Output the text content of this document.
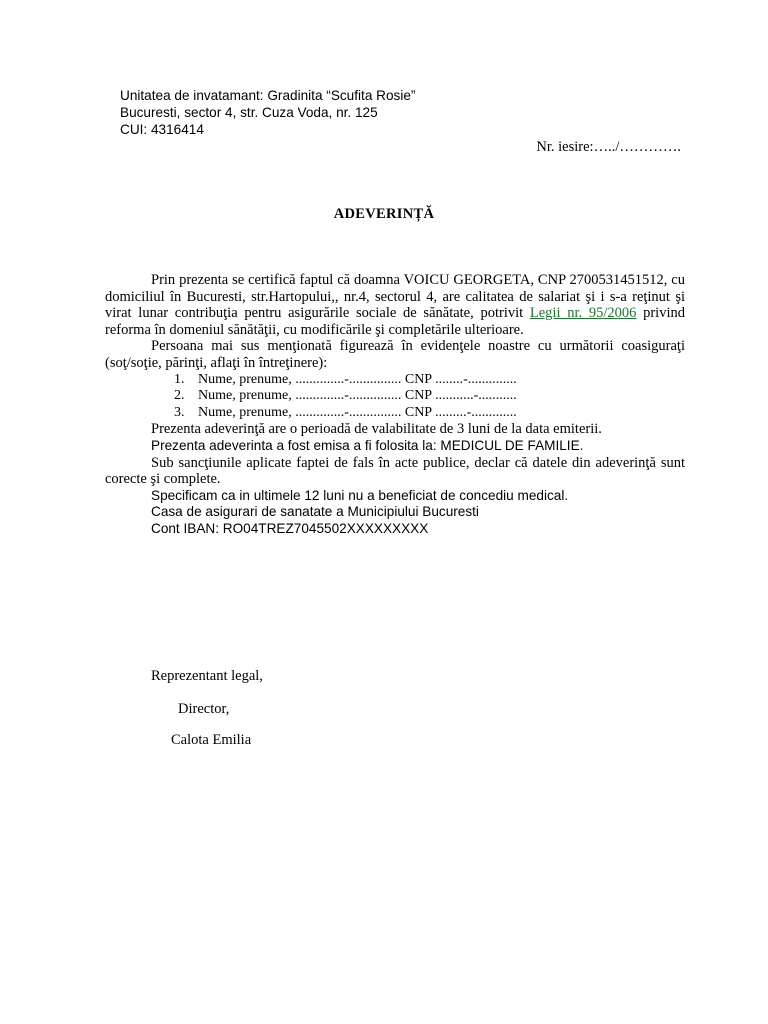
Unitatea de invatamant: Gradinita “Scufita Rosie”
Bucuresti, sector 4, str. Cuza Voda, nr. 125
CUI: 4316414
Nr. iesire:…../………….
ADEVERINȚĂ

Prin prezenta se certifică faptul că doamna VOICU GEORGETA, CNP 2700531451512, cu domiciliul în Bucuresti, str.Hartopului,, nr.4, sectorul 4, are calitatea de salariat şi i s-a reţinut şi virat lunar contribuţia pentru asigurările sociale de sănătate, potrivit Legii nr. 95/2006 privind reforma în domeniul sănătăţii, cu modificările şi completările ulterioare.

Persoana mai sus menţionată figurează în evidenţele noastre cu următorii coasiguraţi (soţ/soţie, părinţi, aflaţi în întreţinere):

1. Nume, prenume, ..............-............... CNP ........-..............
2. Nume, prenume, ..............-............... CNP ...........-...........
3. Nume, prenume, ..............-............... CNP .........-.............

Prezenta adeverinţă are o perioadă de valabilitate de 3 luni de la data emiterii.

Prezenta adeverinta a fost emisa a fi folosita la: MEDICUL DE FAMILIE.

Sub sancţiunile aplicate faptei de fals în acte publice, declar că datele din adeverinţă sunt corecte şi complete.

Specificam ca in ultimele 12 luni nu a beneficiat de concediu medical.

Casa de asigurari de sanatate a Municipiului Bucuresti

Cont IBAN: RO04TREZ7045502XXXXXXXXX

Reprezentant legal,
Director,
Calota Emilia
